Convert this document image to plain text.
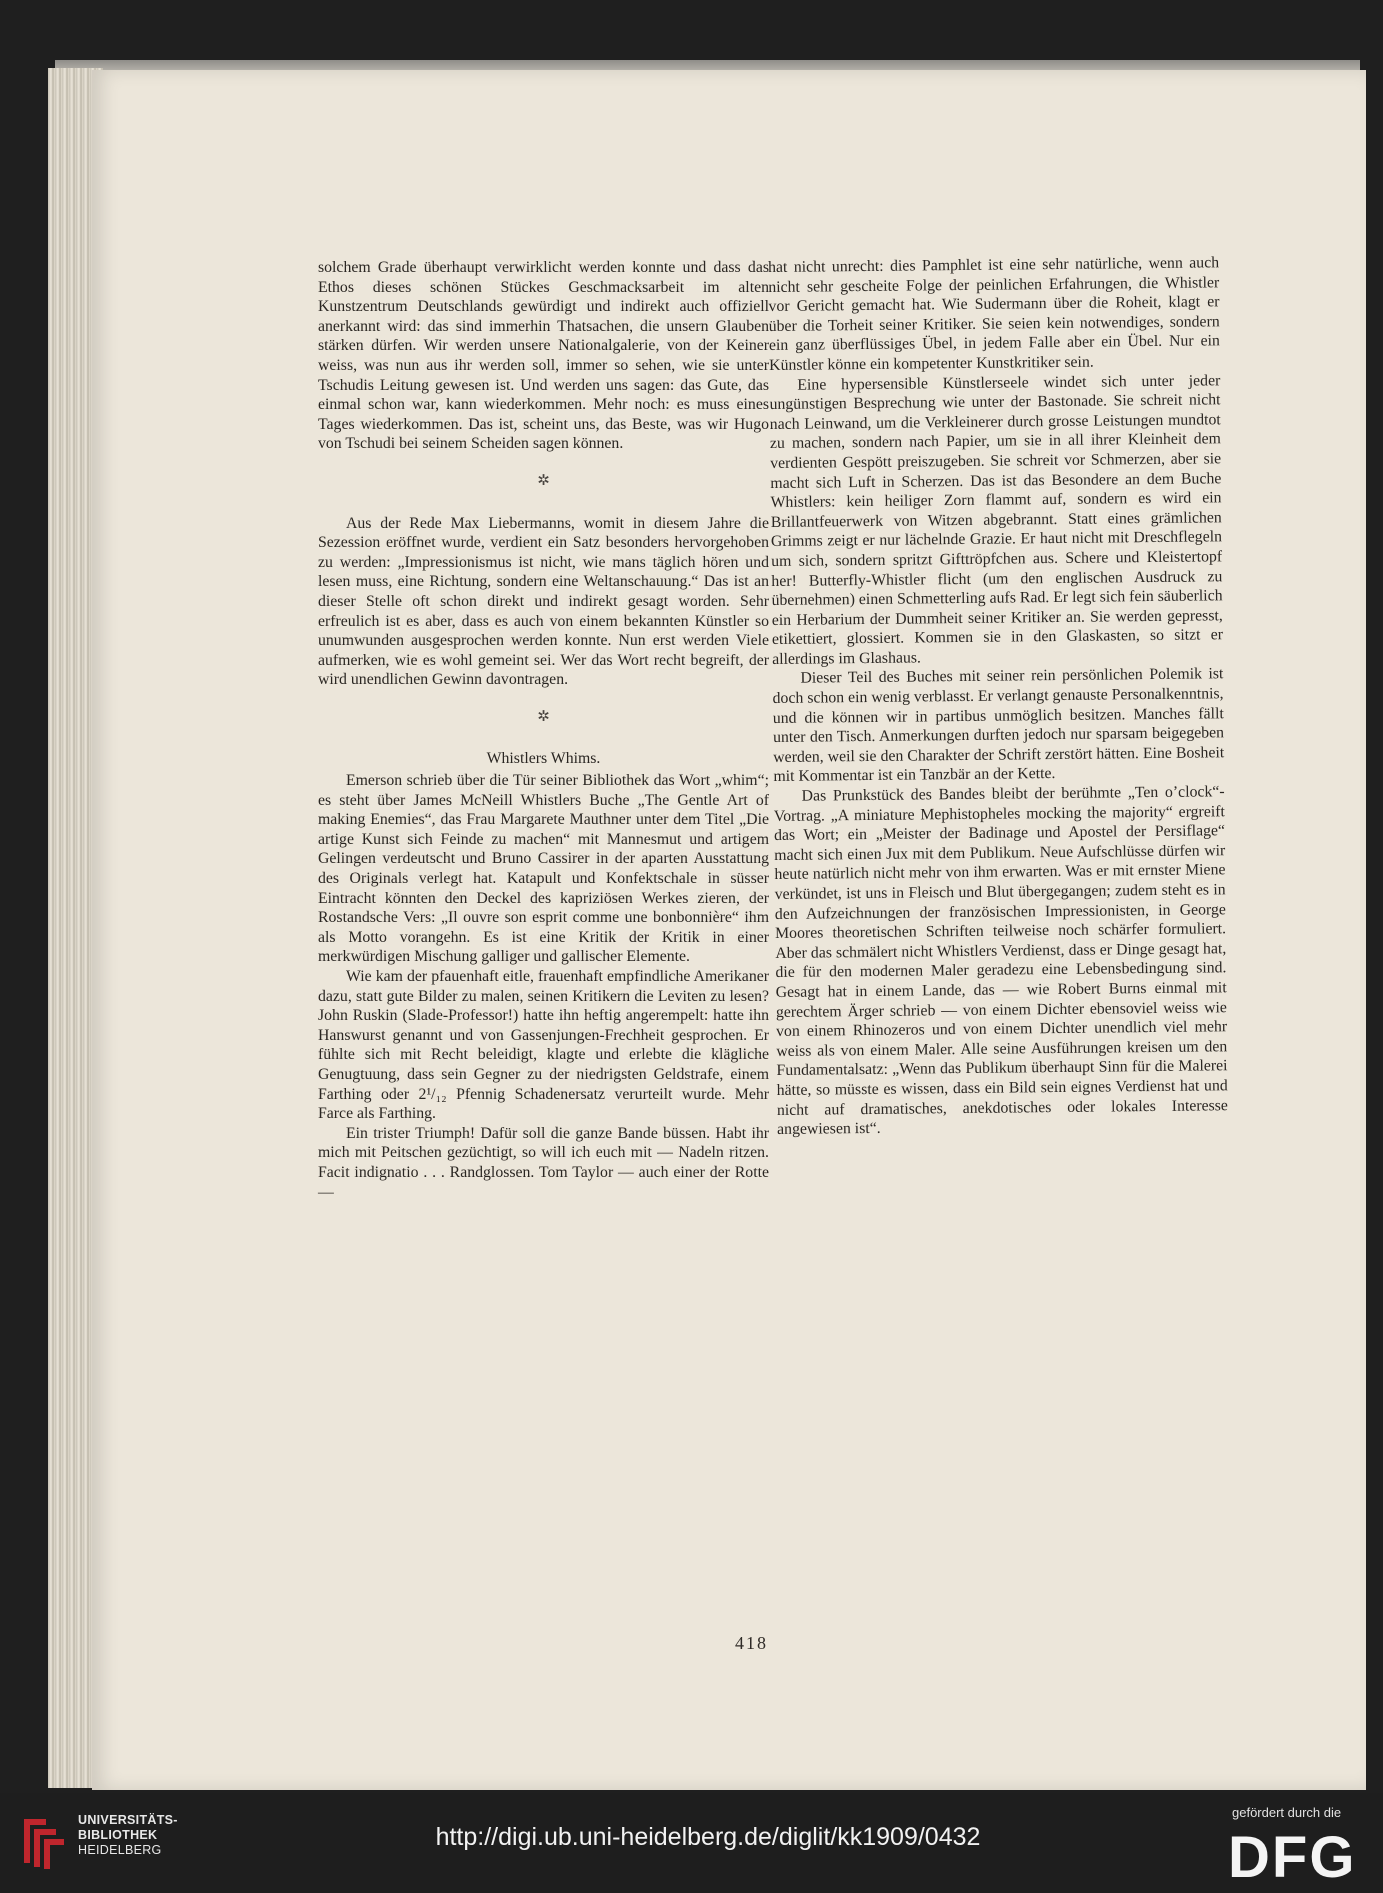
solchem Grade überhaupt verwirklicht werden konnte und dass das Ethos dieses schönen Stückes Geschmacksarbeit im alten Kunstzentrum Deutschlands gewürdigt und indirekt auch offiziell anerkannt wird: das sind immerhin Thatsachen, die unsern Glauben stärken dürfen. Wir werden unsere Nationalgalerie, von der Keiner weiss, was nun aus ihr werden soll, immer so sehen, wie sie unter Tschudis Leitung gewesen ist. Und werden uns sagen: das Gute, das einmal schon war, kann wiederkommen. Mehr noch: es muss eines Tages wiederkommen. Das ist, scheint uns, das Beste, was wir Hugo von Tschudi bei seinem Scheiden sagen können.

✲

Aus der Rede Max Liebermanns, womit in diesem Jahre die Sezession eröffnet wurde, verdient ein Satz besonders hervorgehoben zu werden: „Impressionismus ist nicht, wie mans täglich hören und lesen muss, eine Richtung, sondern eine Weltanschauung.“ Das ist an dieser Stelle oft schon direkt und indirekt gesagt worden. Sehr erfreulich ist es aber, dass es auch von einem bekannten Künstler so unumwunden ausgesprochen werden konnte. Nun erst werden Viele aufmerken, wie es wohl gemeint sei. Wer das Wort recht begreift, der wird unendlichen Gewinn davontragen.

✲

Whistlers Whims.

Emerson schrieb über die Tür seiner Bibliothek das Wort „whim“; es steht über James McNeill Whistlers Buche „The Gentle Art of making Enemies“, das Frau Margarete Mauthner unter dem Titel „Die artige Kunst sich Feinde zu machen“ mit Mannesmut und artigem Gelingen verdeutscht und Bruno Cassirer in der aparten Ausstattung des Originals verlegt hat. Katapult und Konfektschale in süsser Eintracht könnten den Deckel des kapriziösen Werkes zieren, der Rostandsche Vers: „Il ouvre son esprit comme une bonbonnière“ ihm als Motto vorangehn. Es ist eine Kritik der Kritik in einer merkwürdigen Mischung galliger und gallischer Elemente.

Wie kam der pfauenhaft eitle, frauenhaft empfindliche Amerikaner dazu, statt gute Bilder zu malen, seinen Kritikern die Leviten zu lesen? John Ruskin (Slade-Professor!) hatte ihn heftig angerempelt: hatte ihn Hanswurst genannt und von Gassenjungen-Frechheit gesprochen. Er fühlte sich mit Recht beleidigt, klagte und erlebte die klägliche Genugtuung, dass sein Gegner zu der niedrigsten Geldstrafe, einem Farthing oder 2¹/₁₂ Pfennig Schadenersatz verurteilt wurde. Mehr Farce als Farthing.

Ein trister Triumph! Dafür soll die ganze Bande büssen. Habt ihr mich mit Peitschen gezüchtigt, so will ich euch mit — Nadeln ritzen. Facit indignatio . . . Randglossen. Tom Taylor — auch einer der Rotte —

hat nicht unrecht: dies Pamphlet ist eine sehr natürliche, wenn auch nicht sehr gescheite Folge der peinlichen Erfahrungen, die Whistler vor Gericht gemacht hat. Wie Sudermann über die Roheit, klagt er über die Torheit seiner Kritiker. Sie seien kein notwendiges, sondern ein ganz überflüssiges Übel, in jedem Falle aber ein Übel. Nur ein Künstler könne ein kompetenter Kunstkritiker sein.

Eine hypersensible Künstlerseele windet sich unter jeder ungünstigen Besprechung wie unter der Bastonade. Sie schreit nicht nach Leinwand, um die Verkleinerer durch grosse Leistungen mundtot zu machen, sondern nach Papier, um sie in all ihrer Kleinheit dem verdienten Gespött preiszugeben. Sie schreit vor Schmerzen, aber sie macht sich Luft in Scherzen. Das ist das Besondere an dem Buche Whistlers: kein heiliger Zorn flammt auf, sondern es wird ein Brillantfeuerwerk von Witzen abgebrannt. Statt eines grämlichen Grimms zeigt er nur lächelnde Grazie. Er haut nicht mit Dreschflegeln um sich, sondern spritzt Gifttröpfchen aus. Schere und Kleistertopf her! Butterfly-Whistler flicht (um den englischen Ausdruck zu übernehmen) einen Schmetterling aufs Rad. Er legt sich fein säuberlich ein Herbarium der Dummheit seiner Kritiker an. Sie werden gepresst, etikettiert, glossiert. Kommen sie in den Glaskasten, so sitzt er allerdings im Glashaus.

Dieser Teil des Buches mit seiner rein persönlichen Polemik ist doch schon ein wenig verblasst. Er verlangt genauste Personalkenntnis, und die können wir in partibus unmöglich besitzen. Manches fällt unter den Tisch. Anmerkungen durften jedoch nur sparsam beigegeben werden, weil sie den Charakter der Schrift zerstört hätten. Eine Bosheit mit Kommentar ist ein Tanzbär an der Kette.

Das Prunkstück des Bandes bleibt der berühmte „Ten o’clock“-Vortrag. „A miniature Mephistopheles mocking the majority“ ergreift das Wort; ein „Meister der Badinage und Apostel der Persiflage“ macht sich einen Jux mit dem Publikum. Neue Aufschlüsse dürfen wir heute natürlich nicht mehr von ihm erwarten. Was er mit ernster Miene verkündet, ist uns in Fleisch und Blut übergegangen; zudem steht es in den Aufzeichnungen der französischen Impressionisten, in George Moores theoretischen Schriften teilweise noch schärfer formuliert. Aber das schmälert nicht Whistlers Verdienst, dass er Dinge gesagt hat, die für den modernen Maler geradezu eine Lebensbedingung sind. Gesagt hat in einem Lande, das — wie Robert Burns einmal mit gerechtem Ärger schrieb — von einem Dichter ebensoviel weiss wie von einem Rhinozeros und von einem Dichter unendlich viel mehr weiss als von einem Maler. Alle seine Ausführungen kreisen um den Fundamentalsatz: „Wenn das Publikum überhaupt Sinn für die Malerei hätte, so müsste es wissen, dass ein Bild sein eignes Verdienst hat und nicht auf dramatisches, anekdotisches oder lokales Interesse angewiesen ist“.

418
UNIVERSITÄTS-
BIBLIOTHEK
HEIDELBERG	http://digi.ub.uni-heidelberg.de/diglit/kk1909/0432
gefördert durch die
DFG
